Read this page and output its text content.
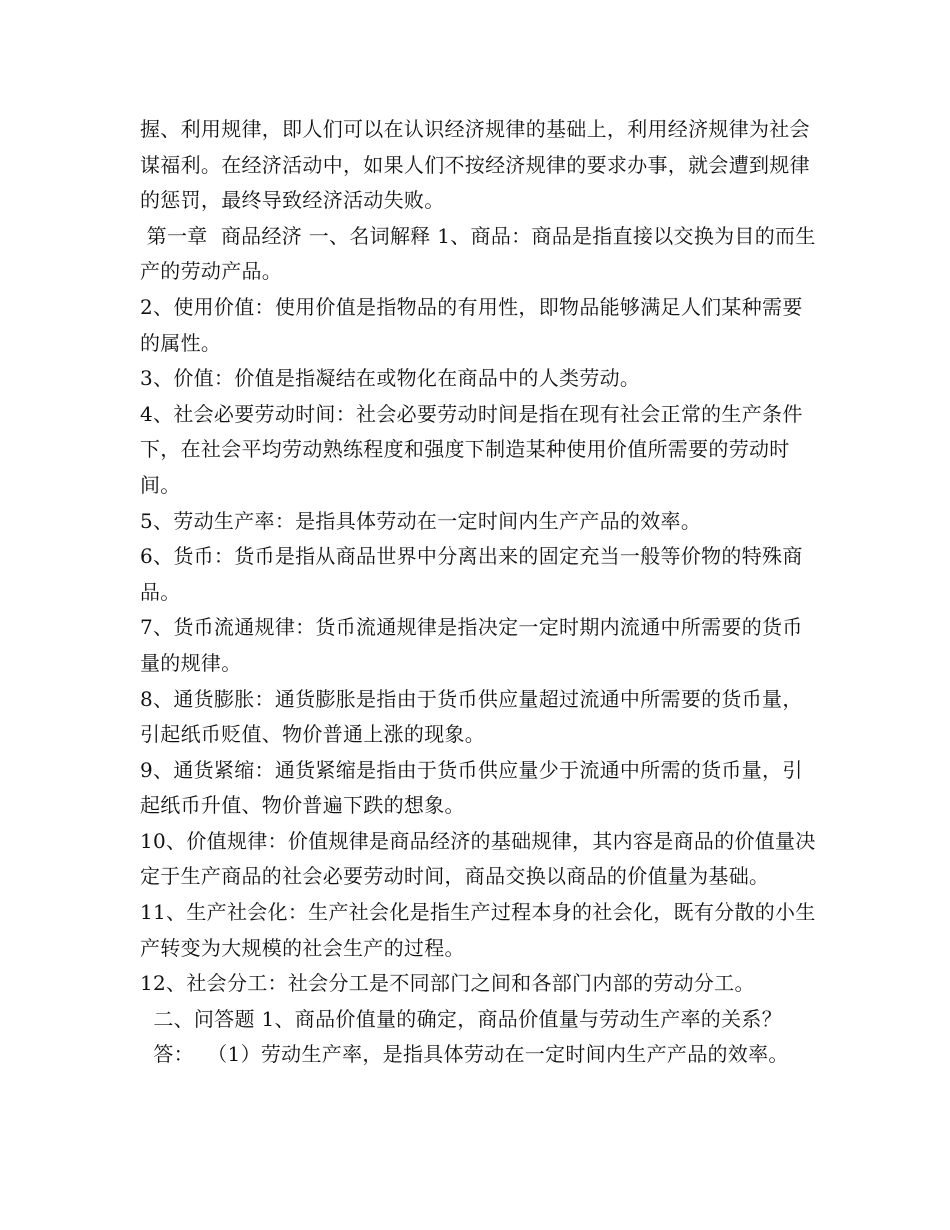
握、利用规律，即人们可以在认识经济规律的基础上，利用经济规律为社会谋福利。在经济活动中，如果人们不按经济规律的要求办事，就会遭到规律的惩罚，最终导致经济活动失败。

第一章  商品经济 一、名词解释 1、商品：商品是指直接以交换为目的而生产的劳动产品。

2、使用价值：使用价值是指物品的有用性，即物品能够满足人们某种需要的属性。

3、价值：价值是指凝结在或物化在商品中的人类劳动。

4、社会必要劳动时间：社会必要劳动时间是指在现有社会正常的生产条件下，在社会平均劳动熟练程度和强度下制造某种使用价值所需要的劳动时间。

5、劳动生产率：是指具体劳动在一定时间内生产产品的效率。

6、货币：货币是指从商品世界中分离出来的固定充当一般等价物的特殊商品。

7、货币流通规律：货币流通规律是指决定一定时期内流通中所需要的货币量的规律。

8、通货膨胀：通货膨胀是指由于货币供应量超过流通中所需要的货币量，引起纸币贬值、物价普通上涨的现象。

9、通货紧缩：通货紧缩是指由于货币供应量少于流通中所需的货币量，引起纸币升值、物价普遍下跌的想象。

10、价值规律：价值规律是商品经济的基础规律，其内容是商品的价值量决定于生产商品的社会必要劳动时间，商品交换以商品的价值量为基础。

11、生产社会化：生产社会化是指生产过程本身的社会化，既有分散的小生产转变为大规模的社会生产的过程。

12、社会分工：社会分工是不同部门之间和各部门内部的劳动分工。

二、问答题 1、商品价值量的确定，商品价值量与劳动生产率的关系？

答：  （1）劳动生产率，是指具体劳动在一定时间内生产产品的效率。
